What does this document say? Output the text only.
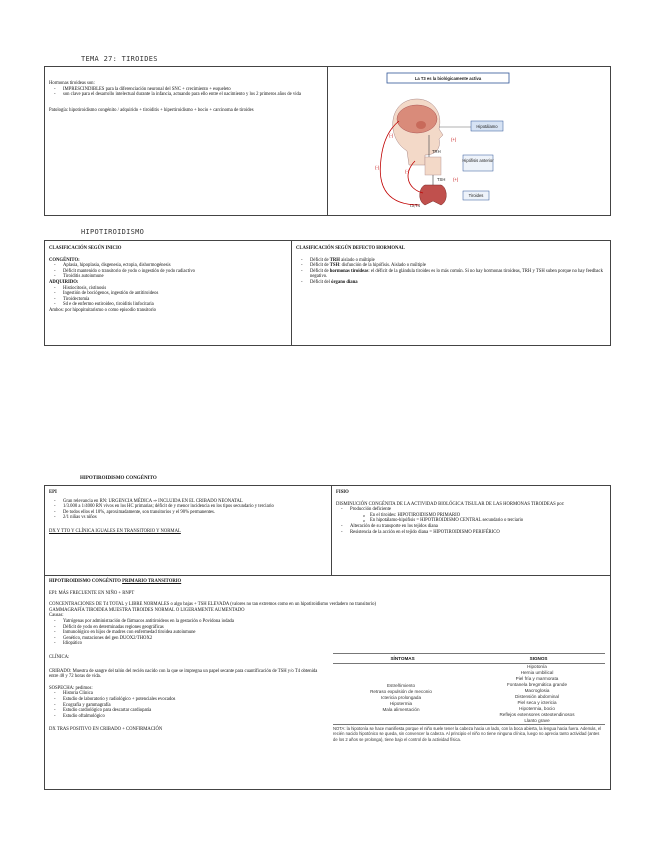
TEMA 27: TIROIDES
Hormonas tiroideas son:
- IMPRESCINDIBLES para la diferenciación neuronal del SNC + crecimiento + esqueleto
- son clave para el desarrollo intelectual durante la infancia, actuando para ello entre el nacimiento y los 2 primeros años de vida
Patología: hipotiroidismo congénito / adquirido + tiroiditis + hipertiroidismo + bocio + carcinoma de tiroides
La T3 es la biológicamente activa
Hipotálamo
Hipófisis anterior
Tiroides
TRH
TSH
T3,T4
(-)
(-)
(-)
(+)
(+)
HIPOTIROIDISMO
CLASIFICACIÓN SEGÚN INICIO
CONGÉNITO:
- Aplasia, hipoplasia, disgenesia, ectopia, dishormogénesis
- Déficit mantenido o transitorio de yodo o ingestión de yodo radiactivo
- Tiroiditis autoinmune
ADQUIRIDO:
- Histiocitosis, cistinosis
- Ingestión de bociógenos, ingestión de antitiroideos
- Tiroidectomía
- Sd e de enfermo eutiroideo, tiroiditis linfocitaria
Ambos: por hipopituitarismo o como episodio transitorio
CLASIFICACIÓN SEGÚN DEFECTO HORMONAL
- Déficit de TRH aislado o múltiple
- Déficit de TSH: disfunción de la hipófisis. Aislado o múltiple
- Déficit de hormonas tiroideas: el déficit de la glándula tiroides es lo más común. Si no hay hormonas tiroideas, TRH y TSH suben porque no hay feedback negativo.
- Déficit del órgano diana
HIPOTIROIDISMO CONGÉNITO
EPI
- Gran relevancia en RN: URGENCIA MÉDICA ⇒ INCLUIDA EN EL CRIBADO NEONATAL
- 1/3.000 a 1/4000 RN vivos en los HC primarias; déficit de y menor incidencia en los tipos secundario y terciario
- De todos ellos el 10%, aproximadamente, son transitorios y el 90% permanentes.
- 2/1 niñas vs niños
DX Y TTO Y CLÍNICA IGUALES EN TRANSITORIO Y NORMAL
FISIO
DISMINUCIÓN CONGÉNITA DE LA ACTIVIDAD BIOLÓGICA TISULAR DE LAS HORMONAS TIROIDEAS por:
- Producción deficiente
o En el tiroides: HIPOTIROIDISMO PRIMARIO
o En hipotálamo-hipófisis = HIPOTIROIDISMO CENTRAL secundario o terciario
- Alteración de su transporte en los tejidos diana
- Resistencia de la acción en el tejido diana = HIPOTIROIDISMO PERIFÉRICO
HIPOTIROIDISMO CONGÉNITO PRIMARIO TRANSITORIO
EPI: MÁS FRECUENTE EN NIÑO + RNPT
CONCENTRACIONES DE T4 TOTAL y LIBRE NORMALES o algo bajas + TSH ELEVADA (valores no tan extremos como en un hipotiroidismo verdadero no transitorio)
GAMMAGRAFÍA TIROIDEA MUESTRA TIROIDES NORMAL O LIGERAMENTE AUMENTADO
Causas:
- Yatrógenas por administración de fármacos antitiroideos en la gestación o Povidona iodada
- Déficit de yodo en determinadas regiones geográficas
- Inmunológico en hijos de madres con enfermedad tiroidea autoinmune
- Genético, mutaciones del gen DUOX2/THOX2
- Idiopático
CLÍNICA:
CRIBADO: Muestra de sangre del talón del recién nacido con la que se impregna un papel secante para cuantificación de TSH y/o T4 obtenida entre 48 y 72 horas de vida.
SOSPECHA: pedimos:
- Historia Clínica
- Estudio de laboratorio y radiológico + potenciales evocados
- Ecografía y gammagrafía
- Estudio cardiológico para descartar cardiopatía
- Estudio oftalmológico
DX TRAS POSITIVO EN CRIBADO + CONFIRMACIÓN
SÍNTOMAS	SIGNOS
Estreñimiento
Retraso expulsión de meconio
Ictericia prolongada
Hipotermia
Mala alimentación
Hipotonía
Hernia umbilical
Piel fría y marmorata
Fontanela bregmática grande
Macroglosia
Distensión abdominal
Piel seca y ictericia
Hipotermia, bocio
Reflejos extensores osteotendinosos
Llanto grave
NOTA: la hipotonía se hace manifiesta porque el niño suele tener la cabeza hacia un lado, con la boca abierta, la lengua hacia fuera. Además, el recién nacido hipotónico se queda, sin convencer la cabeza. Al principio el niño no tiene ninguna clínica, luego no aprecia tanto actividad (antes de los 2 años se prolonga), tiene bajo el control de la actividad física.
